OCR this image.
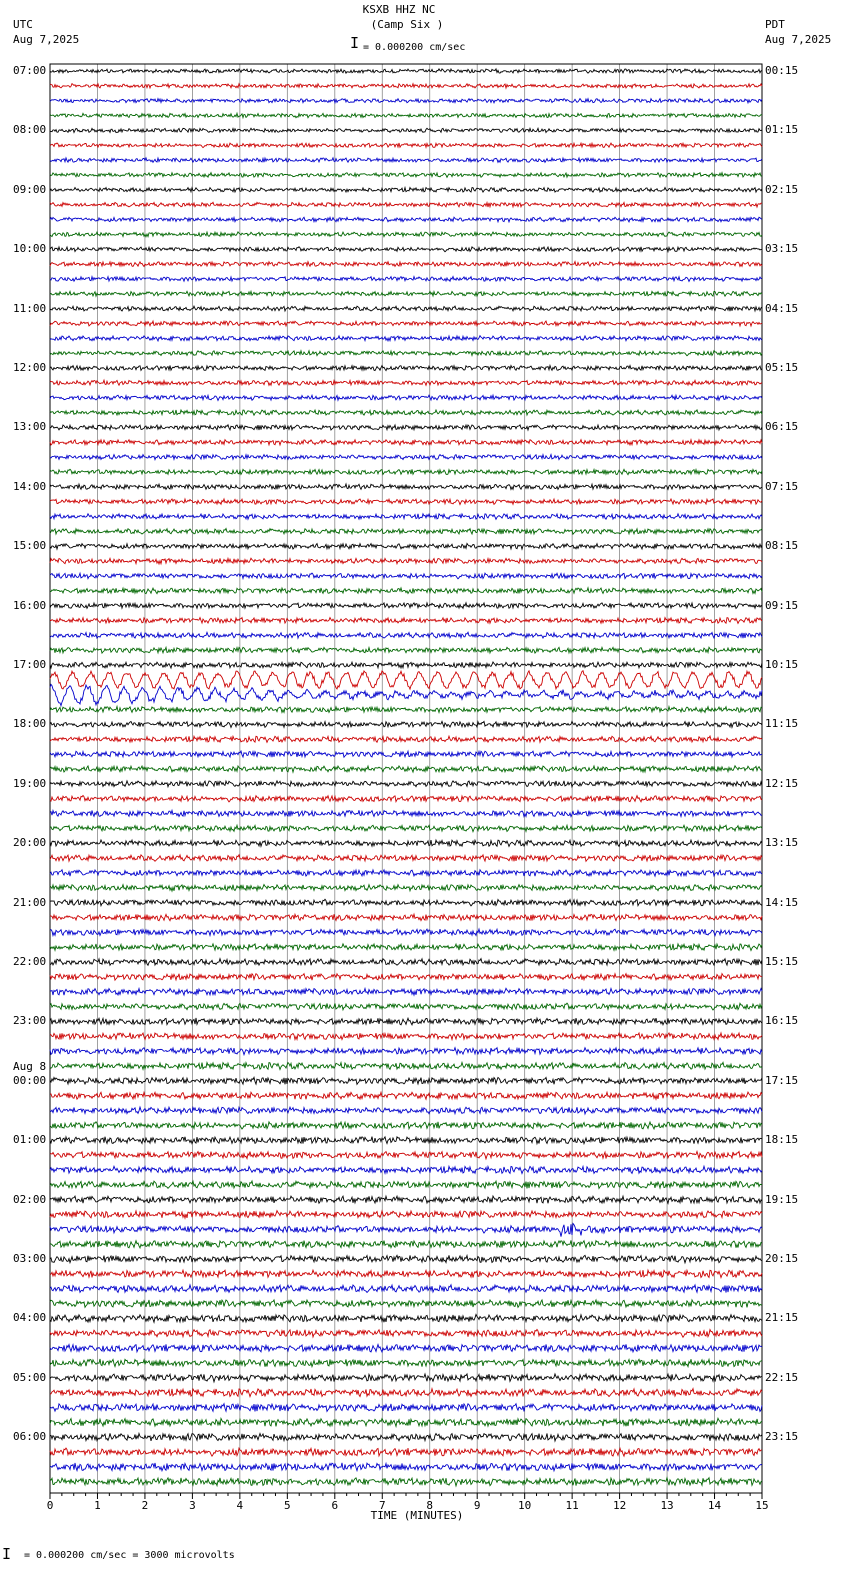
KSXB HHZ NC
(Camp Six )
I = 0.000200 cm/sec
UTC
Aug 7,2025
PDT
Aug 7,2025
07:00
08:00
09:00
10:00
11:00
12:00
13:00
14:00
15:00
16:00
17:00
18:00
19:00
20:00
21:00
22:00
23:00
00:00
Aug 8
01:00
02:00
03:00
04:00
05:00
06:00
00:15
01:15
02:15
03:15
04:15
05:15
06:15
07:15
08:15
09:15
10:15
11:15
12:15
13:15
14:15
15:15
16:15
17:15
18:15
19:15
20:15
21:15
22:15
23:15
0	1	2	3	4	5	6	7	8	9	10	11	12	13	14	15
TIME (MINUTES)
I = 0.000200 cm/sec = 3000 microvolts
